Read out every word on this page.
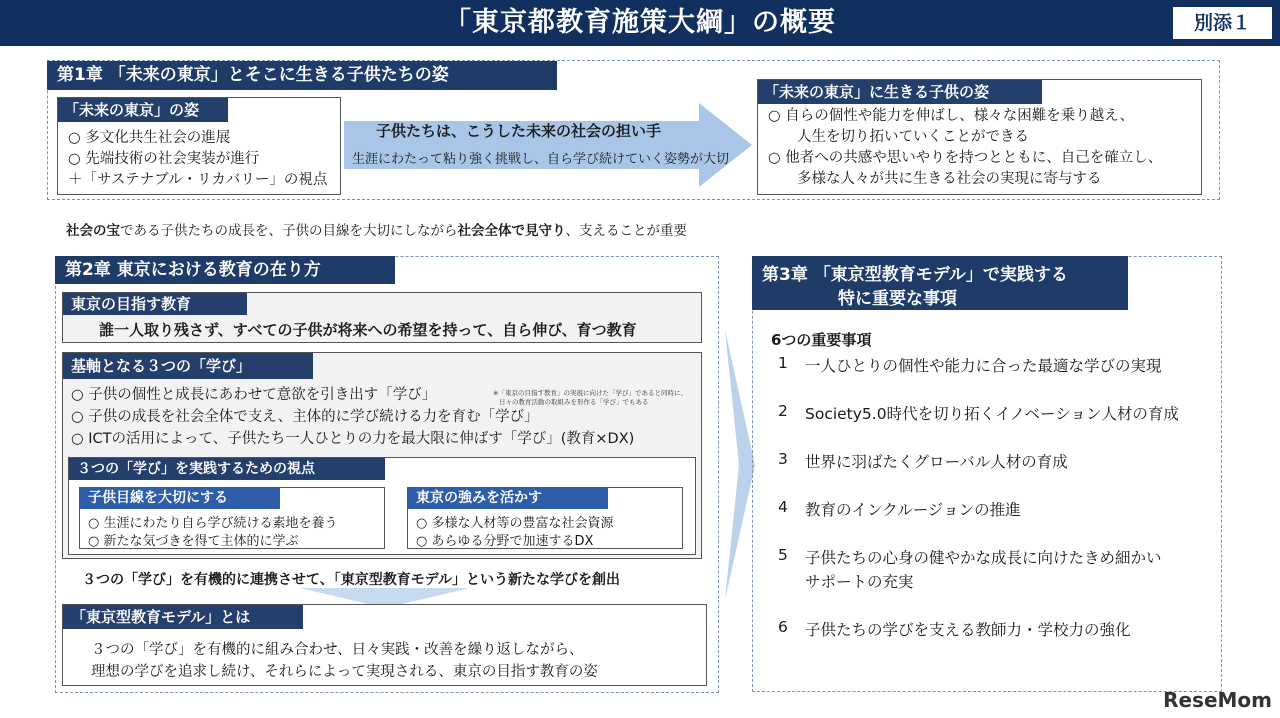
「東京都教育施策大綱」の概要	別添１
第1章 「未来の東京」とそこに生きる子供たちの姿
「未来の東京」の姿
○ 多文化共生社会の進展
○ 先端技術の社会実装が進行
＋「サステナブル・リカバリー」の視点
子供たちは、こうした未来の社会の担い手
生涯にわたって粘り強く挑戦し、自ら学び続けていく姿勢が大切
「未来の東京」に生きる子供の姿
○ 自らの個性や能力を伸ばし、様々な困難を乗り越え、
　　人生を切り拓いていくことができる
○ 他者への共感や思いやりを持つとともに、自己を確立し、
　　多様な人々が共に生きる社会の実現に寄与する
社会の宝である子供たちの成長を、子供の目線を大切にしながら社会全体で見守り、支えることが重要
第2章 東京における教育の在り方
東京の目指す教育
誰一人取り残さず、すべての子供が将来への希望を持って、自ら伸び、育つ教育
基軸となる３つの「学び」
○ 子供の個性と成長にあわせて意欲を引き出す「学び」
○ 子供の成長を社会全体で支え、主体的に学び続ける力を育む「学び」
○ ICTの活用によって、子供たち一人ひとりの力を最大限に伸ばす「学び」(教育×DX)
※「東京の目指す教育」の実現に向けた「学び」であると同時に、
日々の教育活動の取組みを形作る「学び」でもある
３つの「学び」を実践するための視点
子供目線を大切にする
○ 生涯にわたり自ら学び続ける素地を養う
○ 新たな気づきを得て主体的に学ぶ
東京の強みを活かす
○ 多様な人材等の豊富な社会資源
○ あらゆる分野で加速するDX
３つの「学び」を有機的に連携させて、「東京型教育モデル」という新たな学びを創出
「東京型教育モデル」とは
３つの「学び」を有機的に組み合わせ、日々実践・改善を繰り返しながら、
理想の学びを追求し続け、それらによって実現される、東京の目指す教育の姿
第3章 「東京型教育モデル」で実践する
特に重要な事項
6つの重要事項
1 一人ひとりの個性や能力に合った最適な学びの実現
2 Society5.0時代を切り拓くイノベーション人材の育成
3 世界に羽ばたくグローバル人材の育成
4 教育のインクルージョンの推進
5 子供たちの心身の健やかな成長に向けたきめ細かい
サポートの充実
6 子供たちの学びを支える教師力・学校力の強化
ReseMom
